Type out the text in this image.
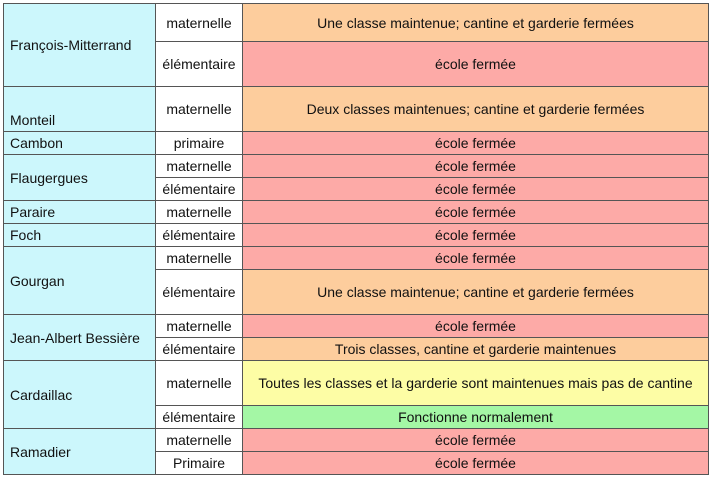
François-Mitterrand	maternelle	Une classe maintenue; cantine et garderie fermées
	élémentaire	école fermée
Monteil	maternelle	Deux classes maintenues; cantine et garderie fermées
Cambon	primaire	école fermée
Flaugergues	maternelle	école fermée
	élémentaire	école fermée
Paraire	maternelle	école fermée
Foch	élémentaire	école fermée
Gourgan	maternelle	école fermée
	élémentaire	Une classe maintenue; cantine et garderie fermées
Jean-Albert Bessière	maternelle	école fermée
	élémentaire	Trois classes, cantine et garderie maintenues
Cardaillac	maternelle	Toutes les classes et la garderie sont maintenues mais pas de cantine
	élémentaire	Fonctionne normalement
Ramadier	maternelle	école fermée
	Primaire	école fermée
